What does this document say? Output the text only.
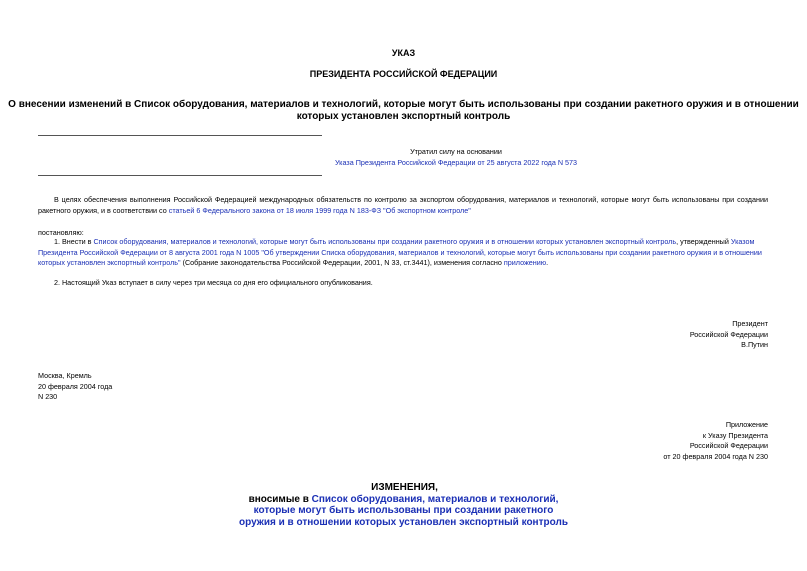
УКАЗ
ПРЕЗИДЕНТА РОССИЙСКОЙ ФЕДЕРАЦИИ
О внесении изменений в Список оборудования, материалов и технологий, которые могут быть использованы при создании ракетного оружия и в отношении
которых установлен экспортный контроль
Утратил силу на основании
Указа Президента Российской Федерации от 25 августа 2022 года N 573
В целях обеспечения выполнения Российской Федерацией международных обязательств по контролю за экспортом оборудования, материалов и технологий, которые могут быть использованы при создании
ракетного оружия, и в соответствии со статьей 6 Федерального закона от 18 июля 1999 года N 183-ФЗ "Об экспортном контроле"
постановляю:
1. Внести в Список оборудования, материалов и технологий, которые могут быть использованы при создании ракетного оружия и в отношении которых установлен экспортный контроль, утвержденный Указом
Президента Российской Федерации от 8 августа 2001 года N 1005 "Об утверждении Списка оборудования, материалов и технологий, которые могут быть использованы при создании ракетного оружия и в отношении
которых установлен экспортный контроль" (Собрание законодательства Российской Федерации, 2001, N 33, ст.3441), изменения согласно приложению.
2. Настоящий Указ вступает в силу через три месяца со дня его официального опубликования.
Президент
Российской Федерации
В.Путин
Москва, Кремль
20 февраля 2004 года
N 230
Приложение
к Указу Президента
Российской Федерации
от 20 февраля 2004 года N 230
ИЗМЕНЕНИЯ,
вносимые в Список оборудования, материалов и технологий,
которые могут быть использованы при создании ракетного
оружия и в отношении которых установлен экспортный контроль
